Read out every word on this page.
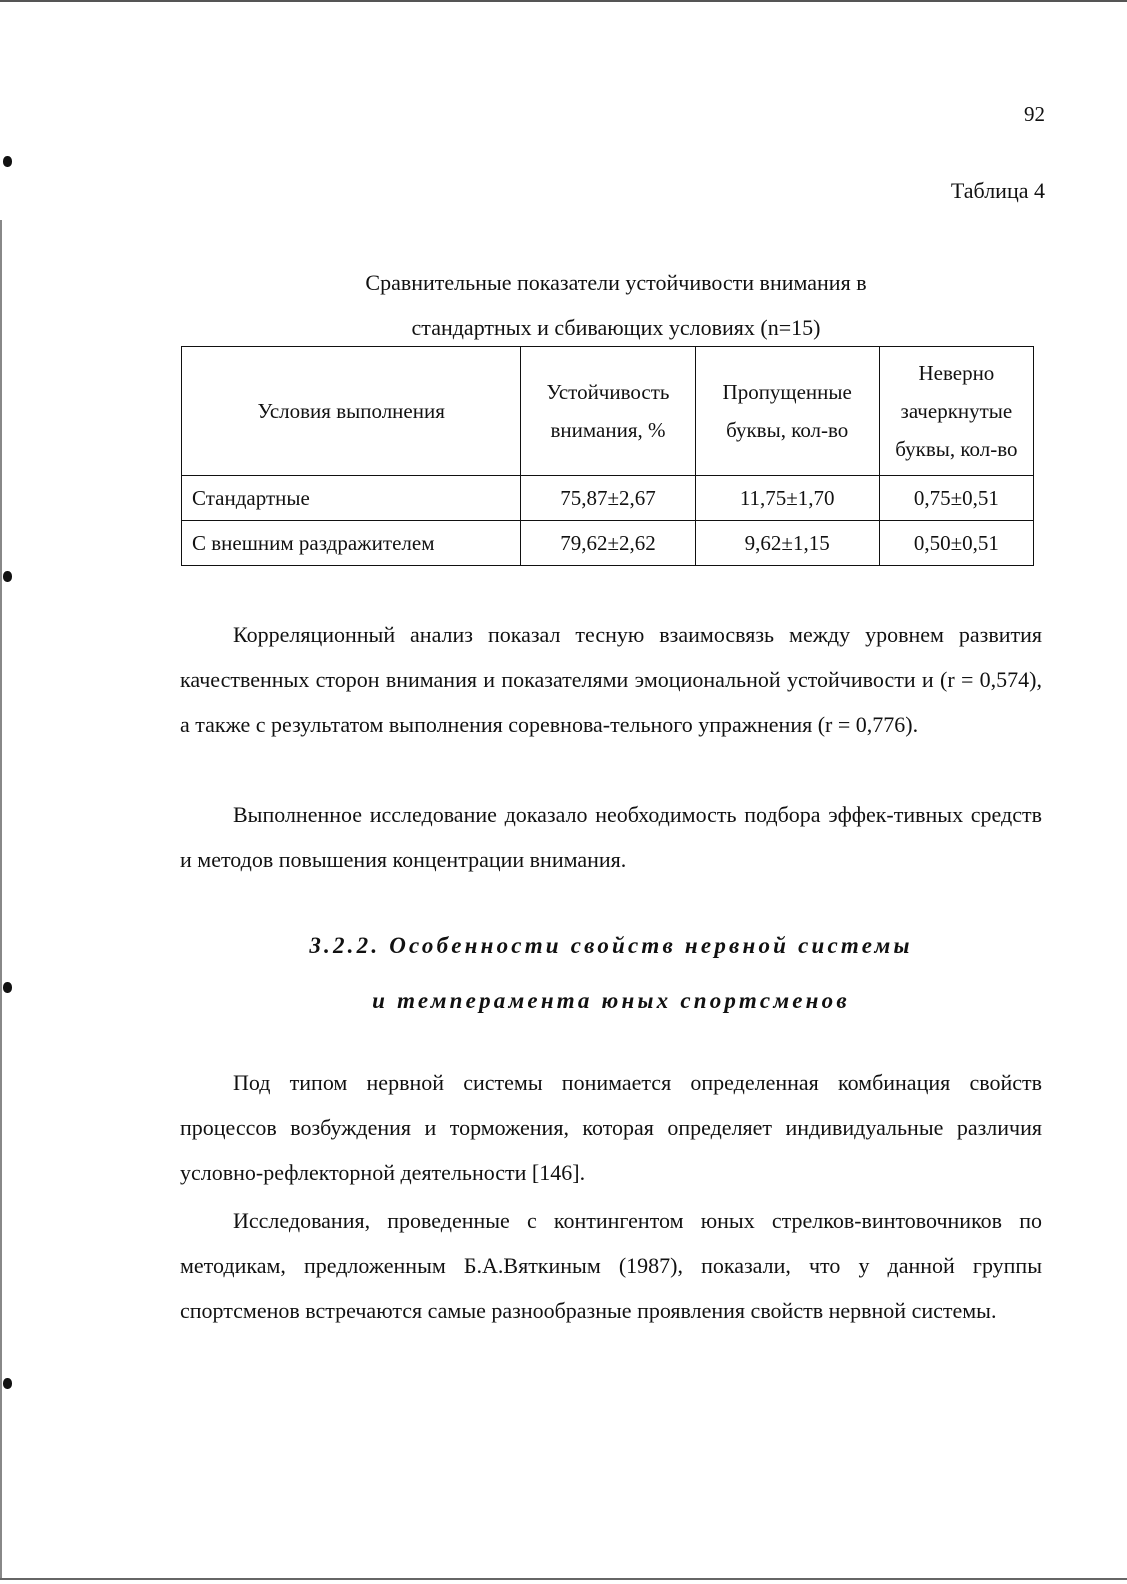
92
Таблица 4
Сравнительные показатели устойчивости внимания в
стандартных и сбивающих условиях (n=15)
Условия выполнения	Устойчивость внимания, %	Пропущенные буквы, кол-во	Неверно зачеркнутые буквы, кол-во
Стандартные	75,87±2,67	11,75±1,70	0,75±0,51
С внешним раздражителем	79,62±2,62	9,62±1,15	0,50±0,51

Корреляционный анализ показал тесную взаимосвязь между уровнем развития качественных сторон внимания и показателями эмоциональной устойчивости и (r = 0,574), а также с результатом выполнения соревнова-тельного упражнения (r = 0,776).

Выполненное исследование доказало необходимость подбора эффек-тивных средств и методов повышения концентрации внимания.

3.2.2. Особенности свойств нервной системы
и темперамента юных спортсменов

Под типом нервной системы понимается определенная комбинация свойств процессов возбуждения и торможения, которая определяет индивидуальные различия условно-рефлекторной деятельности [146].

Исследования, проведенные с контингентом юных стрелков-винтовочников по методикам, предложенным Б.А.Вяткиным (1987), показали, что у данной группы спортсменов встречаются самые разнообразные проявления свойств нервной системы.
